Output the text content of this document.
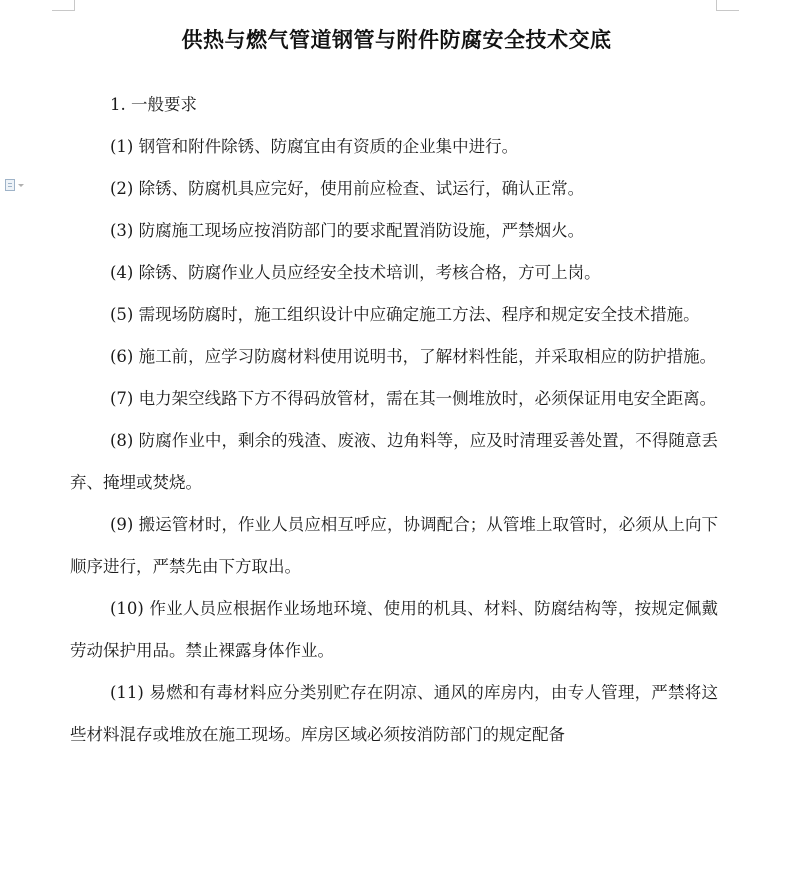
供热与燃气管道钢管与附件防腐安全技术交底

1. 一般要求

(1) 钢管和附件除锈、防腐宜由有资质的企业集中进行。

(2) 除锈、防腐机具应完好，使用前应检查、试运行，确认正常。

(3) 防腐施工现场应按消防部门的要求配置消防设施，严禁烟火。

(4) 除锈、防腐作业人员应经安全技术培训，考核合格，方可上岗。

(5) 需现场防腐时，施工组织设计中应确定施工方法、程序和规定安全技术措施。

(6) 施工前，应学习防腐材料使用说明书，了解材料性能，并采取相应的防护措施。

(7) 电力架空线路下方不得码放管材，需在其一侧堆放时，必须保证用电安全距离。

(8) 防腐作业中，剩余的残渣、废液、边角料等，应及时清理妥善处置，不得随意丢弃、掩埋或焚烧。

(9) 搬运管材时，作业人员应相互呼应，协调配合；从管堆上取管时，必须从上向下顺序进行，严禁先由下方取出。

(10) 作业人员应根据作业场地环境、使用的机具、材料、防腐结构等，按规定佩戴劳动保护用品。禁止裸露身体作业。

(11) 易燃和有毒材料应分类别贮存在阴凉、通风的库房内，由专人管理，严禁将这些材料混存或堆放在施工现场。库房区域必须按消防部门的规定配备
